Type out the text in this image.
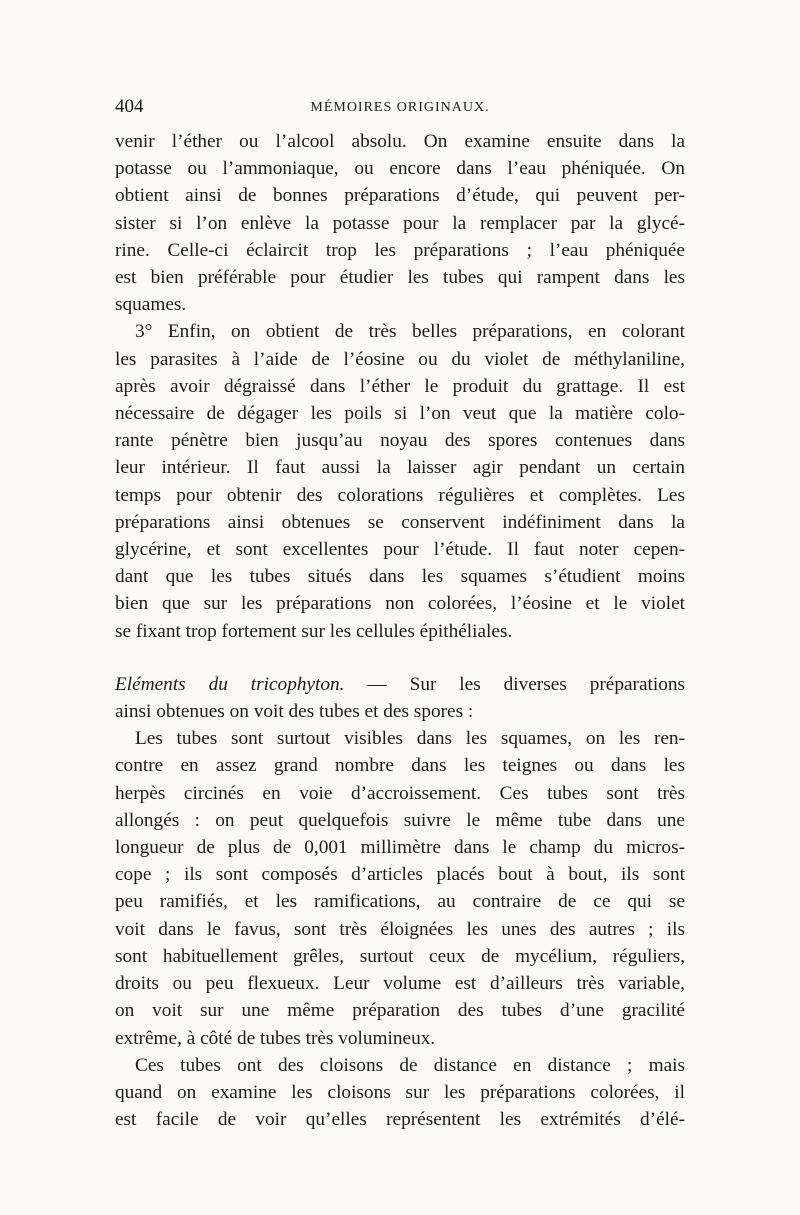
404	MÉMOIRES ORIGINAUX.

venir l’éther ou l’alcool absolu. On examine ensuite dans la
potasse ou l’ammoniaque, ou encore dans l’eau phéniquée. On
obtient ainsi de bonnes préparations d’étude, qui peuvent per-
sister si l’on enlève la potasse pour la remplacer par la glycé-
rine. Celle-ci éclaircit trop les préparations ; l’eau phéniquée
est bien préférable pour étudier les tubes qui rampent dans les
squames.

3° Enfin, on obtient de très belles préparations, en colorant
les parasites à l’aide de l’éosine ou du violet de méthylaniline,
après avoir dégraissé dans l’éther le produit du grattage. Il est
nécessaire de dégager les poils si l’on veut que la matière colo-
rante pénètre bien jusqu’au noyau des spores contenues dans
leur intérieur. Il faut aussi la laisser agir pendant un certain
temps pour obtenir des colorations régulières et complètes. Les
préparations ainsi obtenues se conservent indéfiniment dans la
glycérine, et sont excellentes pour l’étude. Il faut noter cepen-
dant que les tubes situés dans les squames s’étudient moins
bien que sur les préparations non colorées, l’éosine et le violet
se fixant trop fortement sur les cellules épithéliales.

Eléments du tricophyton. — Sur les diverses préparations
ainsi obtenues on voit des tubes et des spores :

Les tubes sont surtout visibles dans les squames, on les ren-
contre en assez grand nombre dans les teignes ou dans les
herpès circinés en voie d’accroissement. Ces tubes sont très
allongés : on peut quelquefois suivre le même tube dans une
longueur de plus de 0,001 millimètre dans le champ du micros-
cope ; ils sont composés d’articles placés bout à bout, ils sont
peu ramifiés, et les ramifications, au contraire de ce qui se
voit dans le favus, sont très éloignées les unes des autres ; ils
sont habituellement grêles, surtout ceux de mycélium, réguliers,
droits ou peu flexueux. Leur volume est d’ailleurs très variable,
on voit sur une même préparation des tubes d’une gracilité
extrême, à côté de tubes très volumineux.

Ces tubes ont des cloisons de distance en distance ; mais
quand on examine les cloisons sur les préparations colorées, il
est facile de voir qu’elles représentent les extrémités d’élé-
